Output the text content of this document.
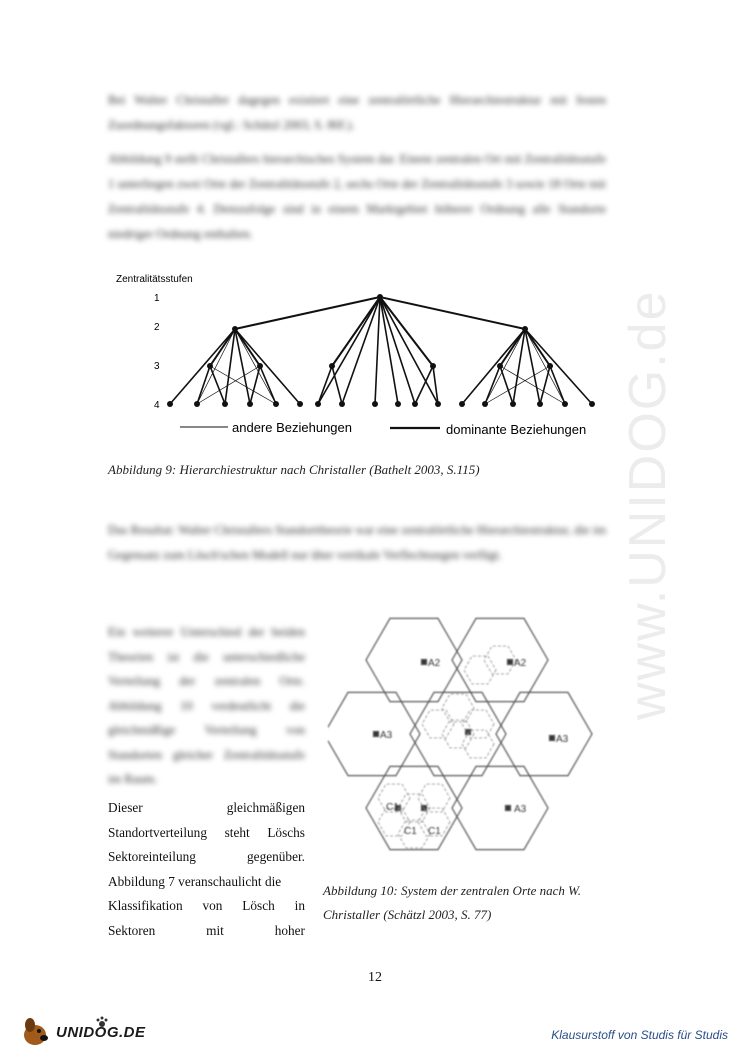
www.UNIDOG.de

Bei Walter Christaller dagegen existiert eine zentralörtliche Hierarchiestruktur mit festen Zuordnungsfaktoren (vgl.: Schätzl 2003, S. 80f.).

Abbildung 9 stellt Christallers hierarchisches System dar. Einem zentralen Ort mit Zentralitätsstufe 1 unterliegen zwei Orte der Zentralitätsstufe 2, sechs Orte der Zentralitätsstufe 3 sowie 18 Orte mit Zentralitätsstufe 4. Demzufolge sind in einem Marktgebiet höherer Ordnung alle Standorte niedriger Ordnung enthalten.

Zentralitätsstufen
1
2
3
4
andere Beziehungen	dominante Beziehungen
Abbildung 9: Hierarchiestruktur nach Christaller (Bathelt 2003, S.115)
Das Resultat: Walter Christallers Standorttheorie war eine zentralörtliche Hierarchiestruktur, die im Gegensatz zum Lösch'schen Modell nur über vertikale Verflechtungen verfügt.
Ein weiterer Unterschied der beiden Theorien ist die unterschiedliche Verteilung der zentralen Orte. Abbildung 10 verdeutlicht die gleichmäßige Verteilung von Standorten gleicher Zentralitätsstufe im Raum.
Dieser	gleichmäßigen
Standortverteilung steht Löschs
Sektoreinteilung	gegenüber.
Abbildung 7 veranschaulicht die
Klassifikation von Lösch in
Sektoren	mit	hoher
A2	A2
A3	A3
A3
C1
C1 C1
Abbildung 10: System der zentralen Orte nach W.
Christaller (Schätzl 2003, S. 77)
12
UNIDOG.DE	Klausurstoff von Studis für Studis
